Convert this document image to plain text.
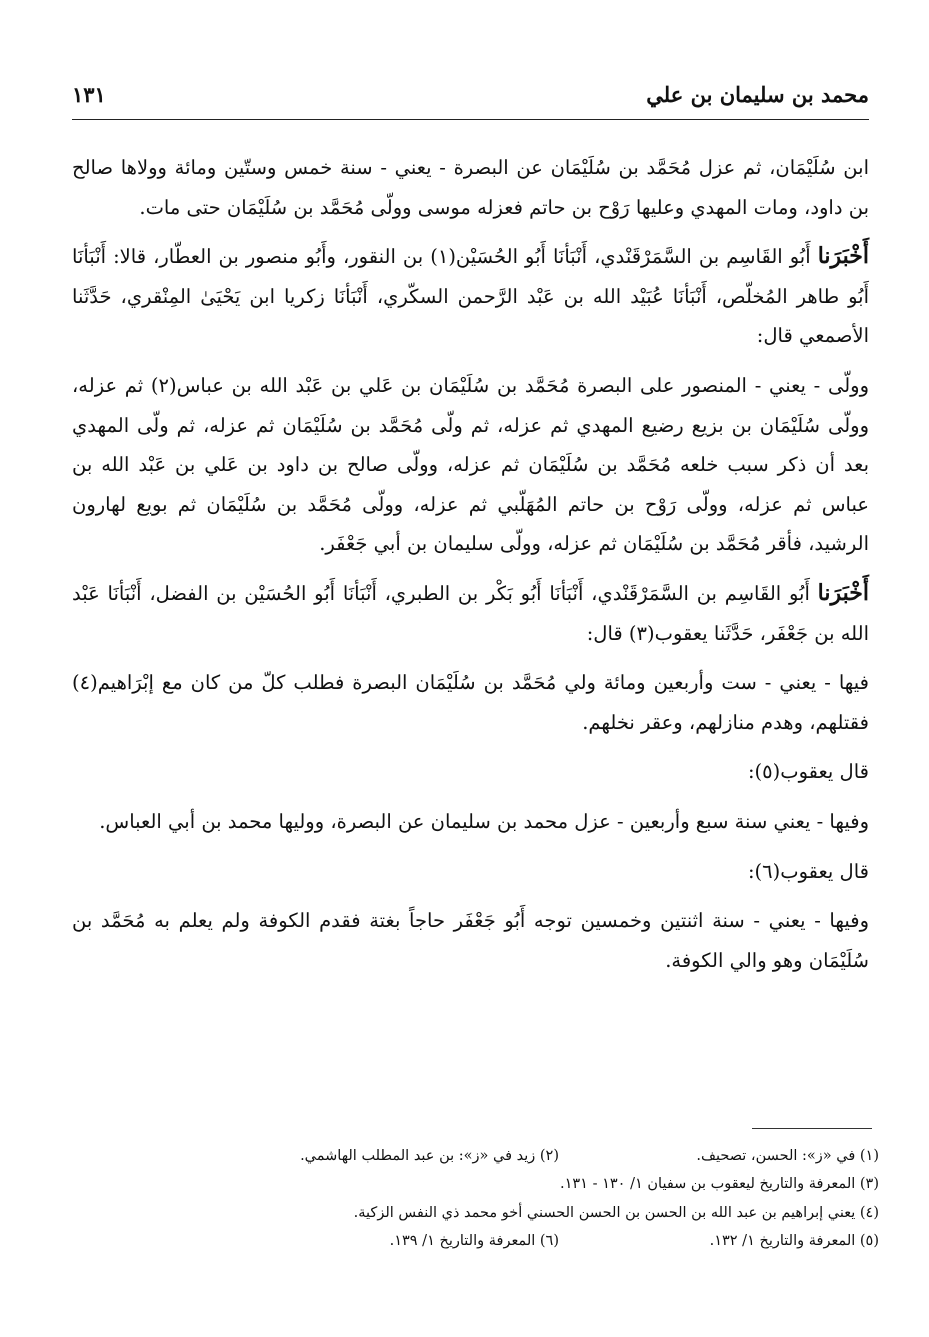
محمد بن سليمان بن علي
١٣١

ابن سُلَيْمَان، ثم عزل مُحَمَّد بن سُلَيْمَان عن البصرة - يعني - سنة خمس وستّين ومائة وولاها صالح بن داود، ومات المهدي وعليها رَوْح بن حاتم فعزله موسى وولّى مُحَمَّد بن سُلَيْمَان حتى مات.

أَخْبَرَنا أَبُو القَاسِم بن السَّمَرْقَنْدي، أَنْبَأنَا أَبُو الحُسَيْن(١) بن النقور، وأَبُو منصور بن العطّار، قالا: أَنْبَأنَا أَبُو طاهر المُخلّص، أَنْبَأنَا عُبَيْد الله بن عَبْد الرَّحمن السكّري، أَنْبَأنَا زكريا ابن يَحْيَىٰ المِنْقري، حَدَّثَنا الأصمعي قال:

وولّى - يعني - المنصور على البصرة مُحَمَّد بن سُلَيْمَان بن عَلي بن عَبْد الله بن عباس(٢) ثم عزله، وولّى سُلَيْمَان بن بزيع رضيع المهدي ثم عزله، ثم ولّى مُحَمَّد بن سُلَيْمَان ثم عزله، ثم ولّى المهدي بعد أن ذكر سبب خلعه مُحَمَّد بن سُلَيْمَان ثم عزله، وولّى صالح بن داود بن عَلي بن عَبْد الله بن عباس ثم عزله، وولّى رَوْح بن حاتم المُهَلّبي ثم عزله، وولّى مُحَمَّد بن سُلَيْمَان ثم بويع لهارون الرشيد، فأقر مُحَمَّد بن سُلَيْمَان ثم عزله، وولّى سليمان بن أبي جَعْفَر.

أَخْبَرَنا أَبُو القَاسِم بن السَّمَرْقَنْدي، أَنْبَأنَا أَبُو بَكْر بن الطبري، أَنْبَأنَا أَبُو الحُسَيْن بن الفضل، أَنْبَأنَا عَبْد الله بن جَعْفَر، حَدَّثَنا يعقوب(٣) قال:

فيها - يعني - ست وأربعين ومائة ولي مُحَمَّد بن سُلَيْمَان البصرة فطلب كلّ من كان مع إبْرَاهيم(٤) فقتلهم، وهدم منازلهم، وعقر نخلهم.

قال يعقوب(٥):

وفيها - يعني سنة سبع وأربعين - عزل محمد بن سليمان عن البصرة، ووليها محمد بن أبي العباس.

قال يعقوب(٦):

وفيها - يعني - سنة اثنتين وخمسين توجه أَبُو جَعْفَر حاجاً بغتة فقدم الكوفة ولم يعلم به مُحَمَّد بن سُلَيْمَان وهو والي الكوفة.

(١) في «ز»: الحسن، تصحيف.
(٢) زيد في «ز»: بن عبد المطلب الهاشمي.
(٣) المعرفة والتاريخ ليعقوب بن سفيان ١/ ١٣٠ - ١٣١.
(٤) يعني إبراهيم بن عبد الله بن الحسن بن الحسن الحسني أخو محمد ذي النفس الزكية.
(٥) المعرفة والتاريخ ١/ ١٣٢.
(٦) المعرفة والتاريخ ١/ ١٣٩.
